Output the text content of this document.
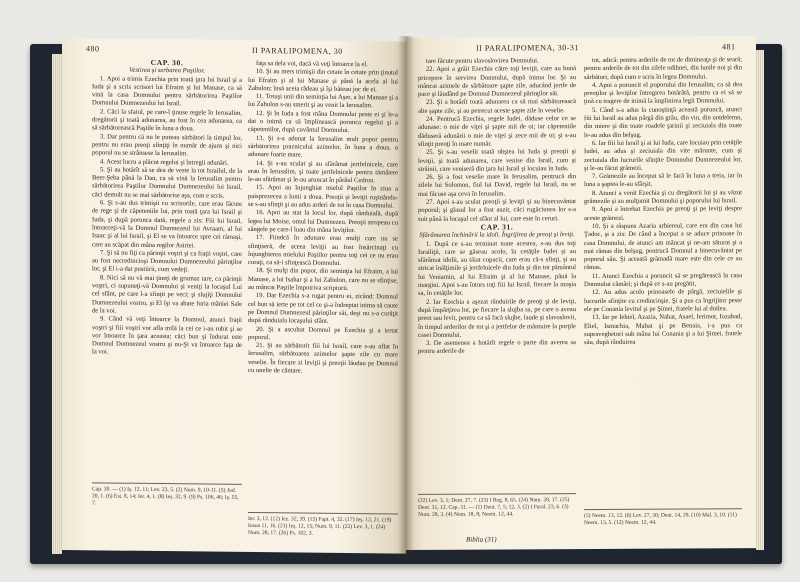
480	II PARALIPOMENA, 30

CAP. 30.

Vestirea şi serbarea Paştilor.

1. Apoi a trimis Ezechia prin toată ţara lui Israil şi a Iuda şi a scris scrisori lui Efraim şi lui Manase, ca să vină la casa Domnului pentru sărbătorirea Paştilor Domnului Dumnezeului lui Israil.

2. Căci la sfatul, pe care-l ţinuse regele în Ierusalim, dregătorii şi toată adunarea, au fost în cea adunarea, ca să sărbătorească Paştile în luna a doua.

3. Dar pentru că nu le puteau sărbători la timpul lor, pentru nu erau preoţi sfinţiţi în număr de ajuns şi nici poporul nu se strânsese la Ierusalim.

4. Acest lucru a plăcut regelui şi întregii adunări.

5. Şi au hotărît să se dea de veste la tot Israilul, de la Beer-Şeba până la Dan, ca să vină la Ierusalim pentru sărbătorirea Paştilor Domnului Dumnezeului lui Israil, căci demult nu se mai sărbătorise aşa, cum e scris.

6. Şi s-au dus trimişii cu scrisorile, care erau făcute de rege şi de căpeteniile lui, prin toată ţara lui Israil şi Iuda, şi după porunca dată, regele a zis: Fiii lui Israil, întoarceţi-vă la Domnul Dumnezeul lui Avraam, al lui Isaac şi al lui Israil, şi El se va întoarce spre cei rămaşi, care au scăpat din mâna regilor Asiriei.

7. Şi să nu fiţi ca părinţii voştri şi ca fraţii voştri, care au fost necredincioşi Domnului Dumnezeului părinţilor lor, şi El i-a dat pustiirii, cum vedeţi.

8. Nici să nu vă mai ţineţi de grumaz tare, ca părinţii voştri, ci supuneţi-vă Domnului şi veniţi la locaşul Lui cel sfânt, pe care l-a sfinţit pe veci; şi slujiţi Domnului Dumnezeului vostru, şi El îşi va abate furia mâniei Sale de la voi.

9. Când vă veţi întoarce la Domnul, atunci fraţii voştri şi fiii voştri vor afla milă la cei ce i-au robit şi se vor întoarce în ţara aceasta; căci bun şi îndurat este Domnul Dumnezeul vostru şi nu-Şi va întoarce faţa de la voi.

faţa sa dela voi, dacă vă veţi întoarce la el.

10. Şi au mers trimişii din cetate în cetate prin ţinutul lui Efraim şi al lui Manase şi până la acela al lui Zabulon; însă aceia râdeau şi îşi băteau joc de ei.

11. Totuşi unii din seminţia lui Aşer, a lui Manase şi a lui Zabulon s-au smerit şi au venit la Ierusalim.

12. Şi în Iuda a fost mâna Domnului peste ei şi le-a dat o inimă ca să împlinească porunca regelui şi a căpeteniilor, după cuvântul Domnului.

13. Şi s-a adunat la Ierusalim mult popor pentru sărbătorirea praznicului azimelor, în luna a doua, o adunare foarte mare.

14. Şi s-au sculat şi au sfărâmat jertfelnicele, care erau în Ierusalim, şi toate jertfelnicele pentru tămâiere le-au sfărâmat şi le-au aruncat în pârâul Cedron.

15. Apoi au înjunghiat mielul Paştilor în ziua a paisprezecea a lunii a doua. Preoţii şi leviţii ruşinându-se s-au sfinţit şi au adus arderi de tot în casa Domnului.

16. Apoi au stat la locul lor, după rânduială, după legea lui Moise, omul lui Dumnezeu. Preoţii stropeau cu sângele pe care-l luau din mâna leviţilor.

17. Fiindcă în adunare erau mulţi care nu se sfinţiseră, de aceea leviţii au fost însărcinaţi cu înjunghierea mielului Paştilor pentru toţi cei ce nu erau curaţi, ca să-i sfinţească Domnului.

18. Şi mulţi din popor, din seminţia lui Efraim, a lui Manase, a lui Isahar şi a lui Zabulon, care nu se sfinţise, au mâncat Paştile împotriva scripturii.

19. Dar Ezechia s-a rugat pentru ei, zicând: Domnul cel bun să ierte pe tot cel ce şi-a îndreptat inima să caute pe Domnul Dumnezeul părinţilor săi, deşi nu s-a curăţit după rânduiala locaşului sfânt.

20. Şi a ascultat Domnul pe Ezechia şi a iertat poporul.

21. Şi au sărbătorit fiii lui Israil, care s-au aflat în Ierusalim, sărbătoarea azimelor şapte zile cu mare veselie. În fiecare zi leviţii şi preoţii lăudau pe Domnul cu unelte de cântare.

Cap. 30. — (1) Iş. 12, 11; Lev. 23, 5. (2) Num. 9, 10-11. (5) Jud. 20, 1. (6) Est. 8, 14; Ier. 4, 1. (8) Ieş. 32, 9. (9) Ps. 106, 46; Iş. 55, 7.
Ier. 3, 12. (12) Iez. 32, 39. (15) Fapt. 4, 32. (17) Ieş. 12, 21. (19) Iosua 11, 16. (21) Ieş. 12, 15; Num. 9, 11. (22) Lev. 3, 1. (24) Num. 28, 17. (26) Ps. 102, 3.
II PARALIPOMENA, 30-31	481

tare făcute pentru slavoslovirea Domnului.

22. Apoi a grăit Ezechia către toţi leviţii, care au bună pricepere în servirea Domnului, după inima lor. Şi au mâncat azimele de sărbătoare şapte zile, aducând jertfe de pace şi lăudând pe Domnul Dumnezeul părinţilor săi.

23. Şi a hotărît toată adunarea ca să mai sărbătorească alte şapte zile, şi au petrecut aceste şapte zile în veselie.

24. Pentrucă Ezechia, regele Iudei, dăduse celor ce se adunase: o mie de viţei şi şapte mii de oi; iar căpeteniile dăduseră adunării o mie de viţei şi zece mii de oi; şi s-au sfinţit preoţi în mare număr.

25. Şi s-au veselit toată obştea lui Iuda şi preoţii şi leviţii, şi toată adunarea, care venise din Israil, cum şi străinii, care veniseră din ţara lui Israil şi locuiau în Iuda.

26. Şi a fost veselie mare în Ierusalim, pentrucă din zilele lui Solomon, fiul lui David, regele lui Israil, nu se mai făcuse aşa ceva în Ierusalim.

27. Apoi s-au sculat preoţii şi leviţii şi au binecuvântat poporul; şi glasul lor a fost auzit, căci rugăciunea lor s-a suit până la locaşul cel sfânt al lui, care este în ceruri.

CAP. 31.

Sfărâmarea închinării la idoli. Îngrijirea de preoţi şi leviţi.

1. După ce s-au terminat toate acestea, s-au dus toţi Israiliţii, care se găseau acolo, în cetăţile Iudei şi au sfărâmat idolii, au tăiat copacii, care erau că-s sfinţi, şi au stricat înălţimile şi jertfelnicele din Iuda şi din tot pământul lui Veniamin, al lui Efraim şi al lui Manase, până la margini. Apoi s-au întors toţi fiii lui Israil, fiecare la moşia sa, în cetăţile lor.

2. Iar Ezechia a aşezat rânduirile de preoţi şi de leviţi, după împărţirea lor, pe fiecare la slujba sa, pe care o aveau preot sau levit, pentru ca să facă slujbe, laude şi slavoslovii, în timpul arderilor de tot şi a jertfelor de mântuire la porţile casei Domnului.

3. De asemenea a hotărît regele o parte din averea sa pentru arderile de

tot, adică: pentru arderile de tot de dimineaţa şi de seară; pentru arderile de tot din zilele odihnei, din lunile noi şi din sărbători, după cum e scris în legea Domnului.

4. Apoi a poruncit el poporului din Ierusalim, ca să dea preoţilor şi leviţilor întregirea hotărâtă, pentru ca ei să se ţină cu tragere de inimă la împlinirea legii Domnului.

5. Când s-a adus la cunoştinţă această poruncă, atunci fiii lui Israil au adus pârgă din grâu, din vin, din untdelemn, din miere şi din toate roadele ţarinii şi zeciuiala din toate le-au adus din belşug.

6. Iar fiii lui Israil şi ai lui Iuda, care locuiau prin cetăţile Iudei, au adus şi zeciuiala din vite mărunte, cum şi zeciuiala din lucrurile sfinţite Domnului Dumnezeului lor, şi le-au făcut grămezi.

7. Grămezile au început să le facă în luna a treia, iar în luna a şaptea le-au sfârşit.

8. Atunci a venit Ezechia şi cu dregătorii lui şi au văzut grămezile şi au mulţumit Domnului şi poporului lui Israil.

9. Apoi a întrebat Ezechia pe preoţi şi pe leviţi despre aceste grămezi.

10. Şi a răspuns Azaria arhiereul, care era din casa lui Ţadoc, şi a zis: De când a început a se aduce prinoase în casa Domnului, de atunci am mâncat şi ne-am săturat şi a mai rămas din belşug, pentrucă Domnul a binecuvântat pe poporul său. Şi această grămadă mare este din cele ce au rămas.

11. Atunci Ezechia a poruncit să se pregătească în casa Domnului cămări; şi după ce s-au pregătit,

12. Au adus acolo prinoasele de pârgă, zeciuielile şi lucrurile sfinţite cu credincioşie. Şi a pus ca îngrijitor peste ele pe Conania levitul şi pe Şimei, fratele lui al doilea.

13. Iar pe Iehiel, Azazia, Nahat, Asael, Ierimot, Iozabad, Eliel, Ismachia, Mahat şi pe Benaia, i-a pus ca supraveghetori sub mâna lui Conania şi a lui Şimei, fratele său, după rânduirea

(22) Lev. 3, 1; Deut. 27, 7. (23) I Reg. 8, 65. (24) Num. 28, 17. (25) Deut. 31, 12. Cap. 31. — (1) Deut. 7, 5; 12, 3. (2) I Paral. 23, 6. (3) Num. 28, 3. (4) Num. 18, 8; Neem. 12, 44.	(5) Neem. 13, 12. (6) Lev. 27, 30; Deut. 14, 28. (10) Mal. 3, 10. (11) Neem. 13, 5. (12) Neem. 12, 44.
Biblia (31)
